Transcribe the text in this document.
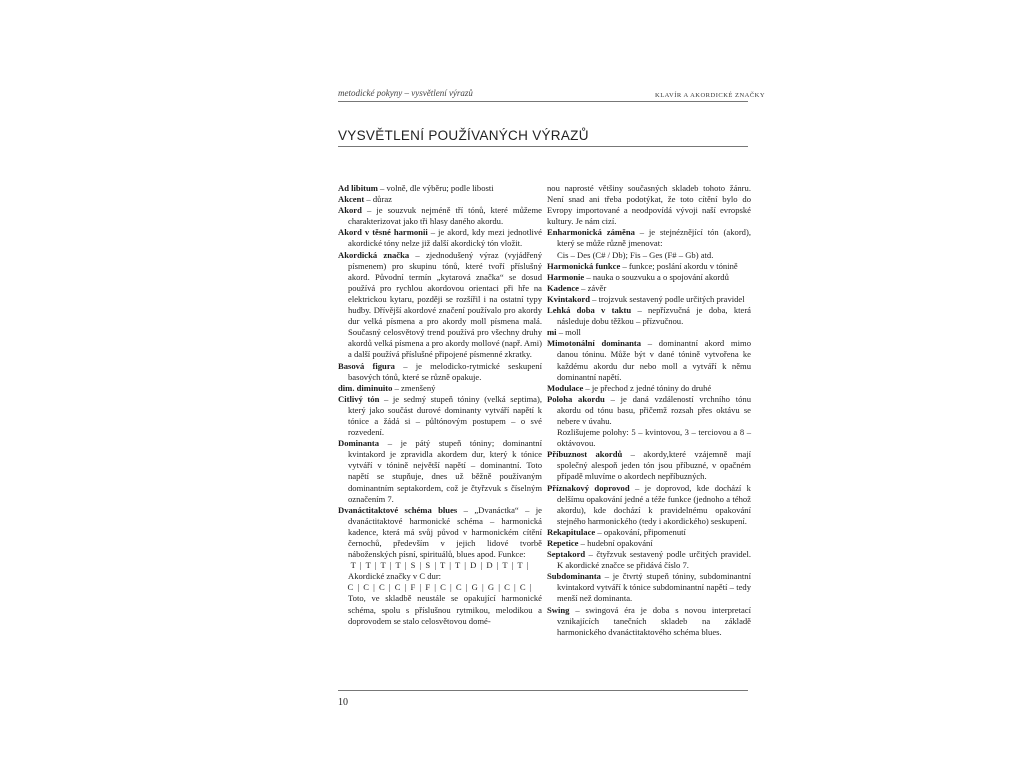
metodické pokyny – vysvětlení výrazů	KLAVÍR A AKORDICKÉ ZNAČKY
VYSVĚTLENÍ POUŽÍVANÝCH VÝRAZŮ

Ad libitum – volně, dle výběru; podle libosti

Akcent – důraz

Akord – je souzvuk nejméně tří tónů, které můžeme charakterizovat jako tři hlasy daného akordu.

Akord v těsné harmonii – je akord, kdy mezi jednotlivé akordické tóny nelze již další akordický tón vložit.

Akordická značka – zjednodušený výraz (vyjádřený písmenem) pro skupinu tónů, které tvoří příslušný akord. Původní termín „kytarová značka“ se dosud používá pro rychlou akordovou orientaci při hře na elektrickou kytaru, později se rozšířil i na ostatní typy hudby. Dřívější akordové značení používalo pro akordy dur velká písmena a pro akordy moll písmena malá. Současný celosvětový trend používá pro všechny druhy akordů velká písmena a pro akordy mollové (např. Ami) a další používá příslušné připojené písmenné zkratky.

Basová figura – je melodicko-rytmické seskupení basových tónů, které se různě opakuje.

dim. diminuito – zmenšený

Citlivý tón – je sedmý stupeň tóniny (velká septima), který jako součást durové dominanty vytváří napětí k tónice a žádá si – půltónovým postupem – o své rozvedení.

Dominanta – je pátý stupeň tóniny; dominantní kvintakord je zpravidla akordem dur, který k tónice vytváří v tónině největší napětí – dominantní. Toto napětí se stupňuje, dnes už běžně používaným dominantním septakordem, což je čtyřzvuk s číselným označením 7.

Dvanáctitaktové schéma blues – „Dvanáctka“ – je dvanáctitaktové harmonické schéma – harmonická kadence, která má svůj původ v harmonickém cítění černochů, především v jejich lidové tvorbě náboženských písní, spirituálů, blues apod. Funkce:

T | T | T | T | S | S | T | T | D | D | T | T |

Akordické značky v C dur:

C | C | C | C | F | F | C | C | G | G | C | C |

Toto, ve skladbě neustále se opakující harmonické schéma, spolu s příslušnou rytmikou, melodikou a doprovodem se stalo celosvětovou domé-

nou naprosté většiny současných skladeb tohoto žánru. Není snad ani třeba podotýkat, že toto cítění bylo do Evropy importované a neodpovídá vývoji naší evropské kultury. Je nám cizí.

Enharmonická záměna – je stejnéznějící tón (akord), který se může různě jmenovat:

Cis – Des (C# / Db); Fis – Ges (F# – Gb) atd.

Harmonická funkce – funkce; poslání akordu v tónině

Harmonie – nauka o souzvuku a o spojování akordů

Kadence – závěr

Kvintakord – trojzvuk sestavený podle určitých pravidel

Lehká doba v taktu – nepřízvučná je doba, která následuje dobu těžkou – přízvučnou.

mi – moll

Mimotonální dominanta – dominantní akord mimo danou tóninu. Může být v dané tónině vytvořena ke každému akordu dur nebo moll a vytváří k němu dominantní napětí.

Modulace – je přechod z jedné tóniny do druhé

Poloha akordu – je daná vzdáleností vrchního tónu akordu od tónu basu, přičemž rozsah přes oktávu se nebere v úvahu.

Rozlišujeme polohy: 5 – kvintovou, 3 – terciovou a 8 – oktávovou.

Příbuznost akordů – akordy,které vzájemně mají společný alespoň jeden tón jsou příbuzné, v opačném případě mluvíme o akordech nepříbuzných.

Příznakový doprovod – je doprovod, kde dochází k delšímu opakování jedné a téže funkce (jednoho a téhož akordu), kde dochází k pravidelnému opakování stejného harmonického (tedy i akordického) seskupení.

Rekapitulace – opakování, připomenutí

Repetice – hudební opakování

Septakord – čtyřzvuk sestavený podle určitých pravidel. K akordické značce se přidává číslo 7.

Subdominanta – je čtvrtý stupeň tóniny, subdominantní kvintakord vytváří k tónice subdominantní napětí – tedy menší než dominanta.

Swing – swingová éra je doba s novou interpretací vznikajících tanečních skladeb na základě harmonického dvanáctitaktového schéma blues.

10
